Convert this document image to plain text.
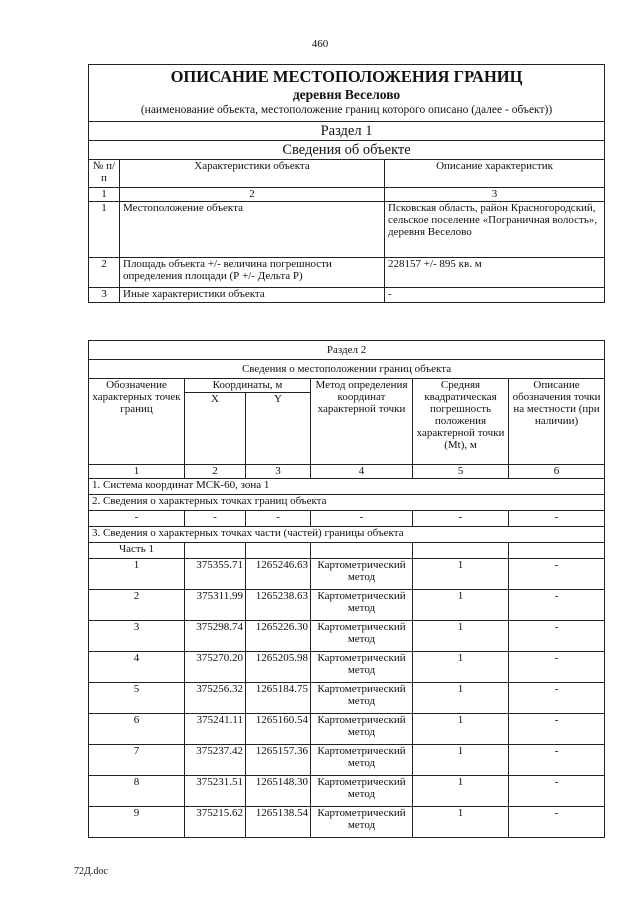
460
ОПИСАНИЕ МЕСТОПОЛОЖЕНИЯ ГРАНИЦ		
деревня Веселово		
(наименование объекта, местоположение границ которого описано (далее - объект))		
Раздел 1		
Сведения об объекте		
№ п/п	Характеристики объекта	Описание характеристик
1	2	3
1	Местоположение объекта	Псковская область, район Красногородский, сельское поселение «Пограничная волость», деревня Веселово
2	Площадь объекта +/- величина погрешности определения площади (Р +/- Дельта Р)	228157 +/- 895 кв. м
3	Иные характеристики объекта	-
Раздел 2					
Сведения о местоположении границ объекта					
Обозначение характерных точек границ	Координаты, м		Метод определения координат характерной точки	Средняя квадратическая погрешность положения характерной точки (Mt), м	Описание обозначения точки на местности (при наличии)
	X	Y			
1	2	3	4	5	6
1. Система координат МСК-60, зона 1					
2. Сведения о характерных точках границ объекта					
-	-	-	-	-	-
3. Сведения о характерных точках части (частей) границы объекта					
Часть 1					
1	375355.71	1265246.63	Картометрический метод	1	-
2	375311.99	1265238.63	Картометрический метод	1	-
3	375298.74	1265226.30	Картометрический метод	1	-
4	375270.20	1265205.98	Картометрический метод	1	-
5	375256.32	1265184.75	Картометрический метод	1	-
6	375241.11	1265160.54	Картометрический метод	1	-
7	375237.42	1265157.36	Картометрический метод	1	-
8	375231.51	1265148.30	Картометрический метод	1	-
9	375215.62	1265138.54	Картометрический метод	1	-
72Д.doc
